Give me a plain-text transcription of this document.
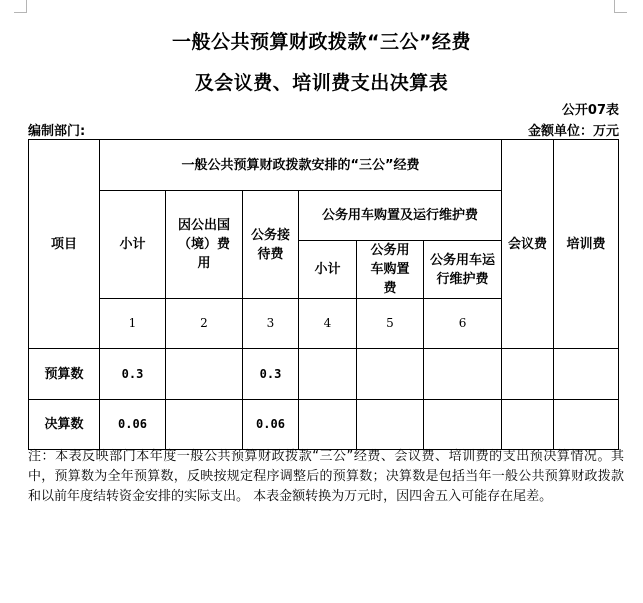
一般公共预算财政拨款“三公”经费
及会议费、培训费支出决算表
公开07表
编制部门:	金额单位：万元
项目	一般公共预算财政拨款安排的“三公”经费						会议费	培训费
	小计	因公出国（境）费用	公务接待费	公务用车购置及运行维护费				
				小计	公务用车购置费	公务用车运行维护费		
	1	2	3	4	5	6		
预算数	0.3		0.3					
决算数	0.06		0.06					
注：本表反映部门本年度一般公共预算财政拨款“三公”经费、会议费、培训费的支出预决算情况。其中，预算数为全年预算数，反映按规定程序调整后的预算数；决算数是包括当年一般公共预算财政拨款和以前年度结转资金安排的实际支出。 本表金额转换为万元时，因四舍五入可能存在尾差。
